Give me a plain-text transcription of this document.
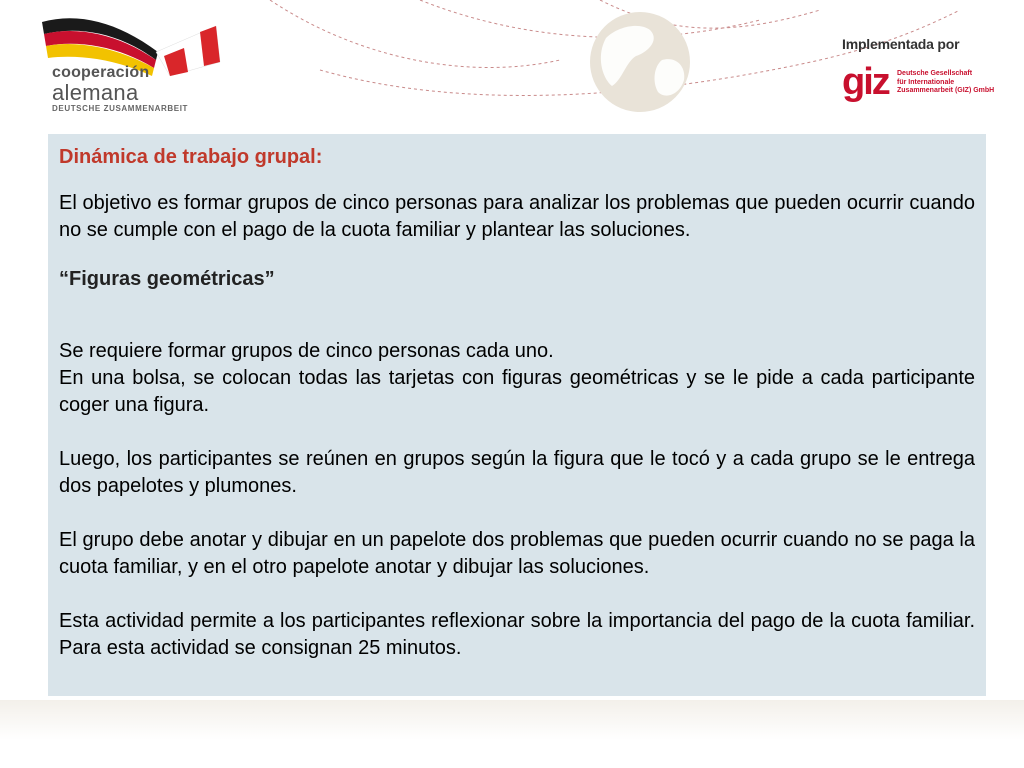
cooperación
alemana
DEUTSCHE ZUSAMMENARBEIT
Implementada por
giz Deutsche Gesellschaft
für Internationale
Zusammenarbeit (GIZ) GmbH
Dinámica de trabajo grupal:

El objetivo es formar grupos de cinco personas para analizar los problemas que pueden ocurrir cuando no se cumple con el pago de la cuota familiar y plantear las soluciones.

“Figuras geométricas”

Se requiere formar grupos de cinco personas cada uno.

En una bolsa, se colocan todas las tarjetas con figuras geométricas y se le pide a cada participante coger una figura.

Luego, los participantes se reúnen en grupos según la figura que le tocó y a cada grupo se le entrega dos papelotes y plumones.

El grupo debe anotar y dibujar en un papelote dos problemas que pueden ocurrir cuando no se paga la cuota familiar, y en el otro papelote anotar y dibujar las soluciones.

Esta actividad permite a los participantes reflexionar sobre la importancia del pago de la cuota familiar. Para esta actividad se consignan 25 minutos.
